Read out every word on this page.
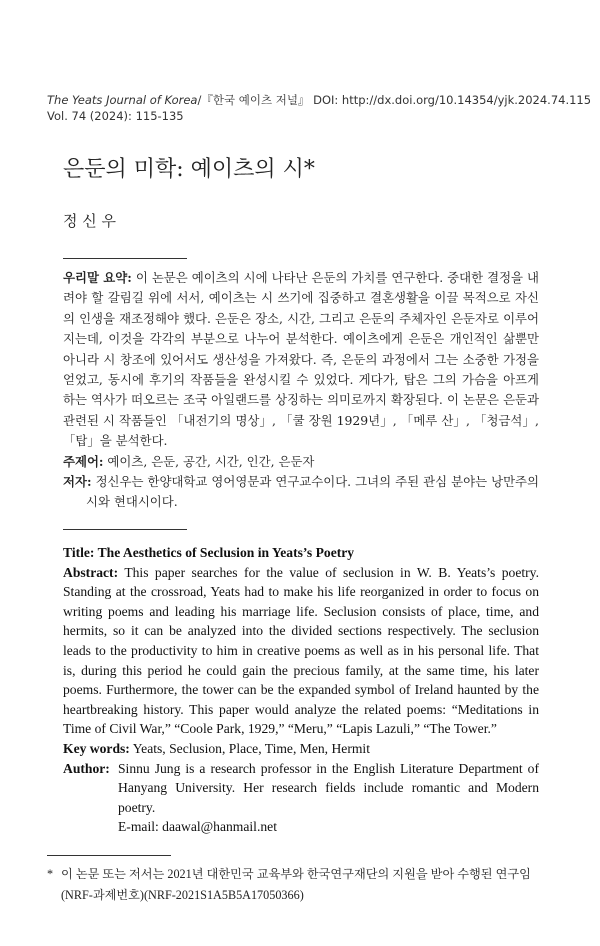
The Yeats Journal of Korea/『한국 예이츠 저널』 DOI: http://dx.doi.org/10.14354/yjk.2024.74.115
Vol. 74 (2024): 115-135
은둔의 미학: 예이츠의 시*
정 신 우

우리말 요약: 이 논문은 예이츠의 시에 나타난 은둔의 가치를 연구한다. 중대한 결정을 내려야 할 갈림길 위에 서서, 예이츠는 시 쓰기에 집중하고 결혼생활을 이끌 목적으로 자신의 인생을 재조정해야 했다. 은둔은 장소, 시간, 그리고 은둔의 주체자인 은둔자로 이루어지는데, 이것을 각각의 부분으로 나누어 분석한다. 예이츠에게 은둔은 개인적인 삶뿐만 아니라 시 창조에 있어서도 생산성을 가져왔다. 즉, 은둔의 과정에서 그는 소중한 가정을 얻었고, 동시에 후기의 작품들을 완성시킬 수 있었다. 게다가, 탑은 그의 가슴을 아프게 하는 역사가 떠오르는 조국 아일랜드를 상징하는 의미로까지 확장된다. 이 논문은 은둔과 관련된 시 작품들인 「내전기의 명상」, 「쿨 장원 1929년」, 「메루 산」, 「청금석」, 「탑」을 분석한다.

주제어: 예이츠, 은둔, 공간, 시간, 인간, 은둔자

저자: 정신우는 한양대학교 영어영문과 연구교수이다. 그녀의 주된 관심 분야는 낭만주의 시와 현대시이다.

Title: The Aesthetics of Seclusion in Yeats’s Poetry

Abstract: This paper searches for the value of seclusion in W. B. Yeats’s poetry. Standing at the crossroad, Yeats had to make his life reorganized in order to focus on writing poems and leading his marriage life. Seclusion consists of place, time, and hermits, so it can be analyzed into the divided sections respectively. The seclusion leads to the productivity to him in creative poems as well as in his personal life. That is, during this period he could gain the precious family, at the same time, his later poems. Furthermore, the tower can be the expanded symbol of Ireland haunted by the heartbreaking history. This paper would analyze the related poems: “Meditations in Time of Civil War,” “Coole Park, 1929,” “Meru,” “Lapis Lazuli,” “The Tower.”

Key words: Yeats, Seclusion, Place, Time, Men, Hermit

Author: Sinnu Jung is a research professor in the English Literature Department of Hanyang University. Her research fields include romantic and Modern poetry.
E-mail: daawal@hanmail.net
* 이 논문 또는 저서는 2021년 대한민국 교육부와 한국연구재단의 지원을 받아 수행된 연구임
(NRF-과제번호)(NRF-2021S1A5B5A17050366)
